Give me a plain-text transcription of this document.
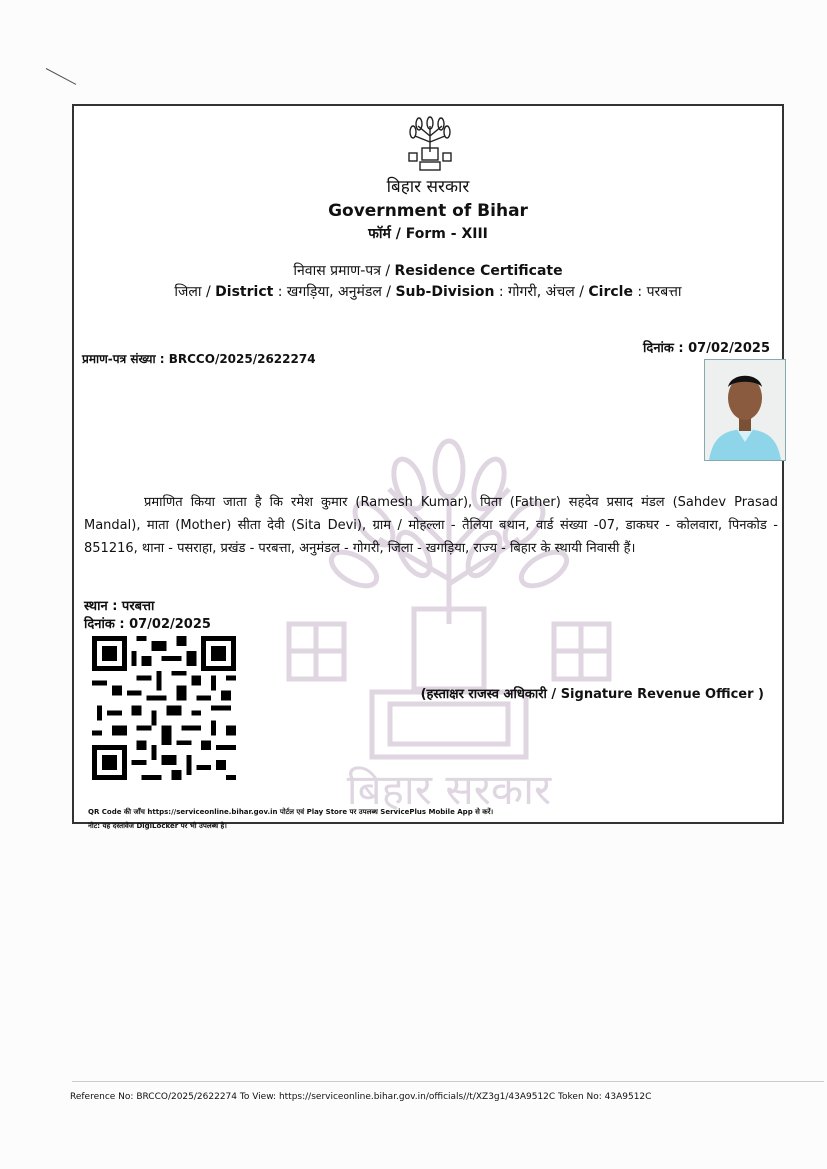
बिहार सरकार
बिहार सरकार
Government of Bihar
फॉर्म / Form - XIII
निवास प्रमाण-पत्र / Residence Certificate
जिला / District : खगड़िया, अनुमंडल / Sub-Division : गोगरी, अंचल / Circle : परबत्ता
प्रमाण-पत्र संख्या : BRCCO/2025/2622274
दिनांक : 07/02/2025
प्रमाणित किया जाता है कि रमेश कुमार (Ramesh Kumar), पिता (Father) सहदेव प्रसाद मंडल (Sahdev Prasad Mandal), माता (Mother) सीता देवी (Sita Devi), ग्राम / मोहल्ला - तैलिया बथान, वार्ड संख्या -07, डाकघर - कोलवारा, पिनकोड - 851216, थाना - पसराहा, प्रखंड - परबत्ता, अनुमंडल - गोगरी, जिला - खगड़िया, राज्य - बिहार के स्थायी निवासी हैं।
स्थान : परबत्ता
दिनांक : 07/02/2025
(हस्ताक्षर राजस्व अधिकारी / Signature Revenue Officer )
QR Code की जाँच https://serviceonline.bihar.gov.in पोर्टल एवं Play Store पर उपलब्ध ServicePlus Mobile App से करें।
नोट: यह दस्तावेज DigiLocker पर भी उपलब्ध है।
Reference No: BRCCO/2025/2622274 To View: https://serviceonline.bihar.gov.in/officials//t/XZ3g1/43A9512C Token No: 43A9512C
